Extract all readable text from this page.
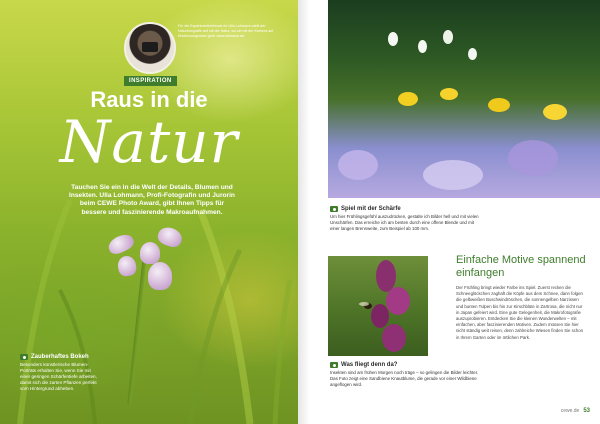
Für die Experimentierfreude ihr Ulla Lohmann zahlt der Naturfotografie auf mit der Natur, wo sie mit der Kamera auf Entdeckungsreise geht: www.lohmann.art
INSPIRATION
Raus in die
Natur
Tauchen Sie ein in die Welt der Details, Blumen und Insekten. Ulla Lohmann, Profi-Fotografin und Jurorin beim CEWE Photo Award, gibt Ihnen Tipps für bessere und faszinierende Makroaufnahmen.
Zauberhaftes Bokeh
Besonders künstlerische Blumen-Porträts erhalten Sie, wenn Sie mit einer geringen Schärfentiefe arbeiten, damit sich die zarten Pflanzen perfekt vom Hintergrund abheben.
Spiel mit der Schärfe
Um hier Frühlingsgefühl auszudrücken, gestalte ich Bilder hell und mit vielen Unschärfen. Das erreiche ich am besten durch eine offene Blende und mit einer langen Brennweite, zum Beispiel ab 100 mm.
Was fliegt denn da?
Insekten sind am frühen Morgen noch träge – so gelingen die Bilder leichter. Das Foto zeigt eine Sandbiene Knautblume, die gerade vor einer Wildbiene angeflogen wird.
Einfache Motive spannend einfangen
Der Frühling bringt wieder Farbe ins Spiel. Zuerst recken die Schneeglöckchen zaghaft die Köpfe aus dem Schnee, dann folgen die gelbweißen Buschwindröschen, die sonnengelben Narzissen und bunten Tulpen bis hin zur Kirschblüte in Zartrosa, die nicht nur in Japan gefeiert wird. Eine gute Gelegenheit, die Makrofotografie auszuprobieren. Entdecken Sie die kleinen Wunderwelten – mit einfachen, aber faszinierenden Motiven. Zudem müssen Sie hier nicht ständig weit reisen, denn zahlreiche Wiesen finden Sie schon in Ihrem Garten oder im örtlichen Park.
cewe.de 53
